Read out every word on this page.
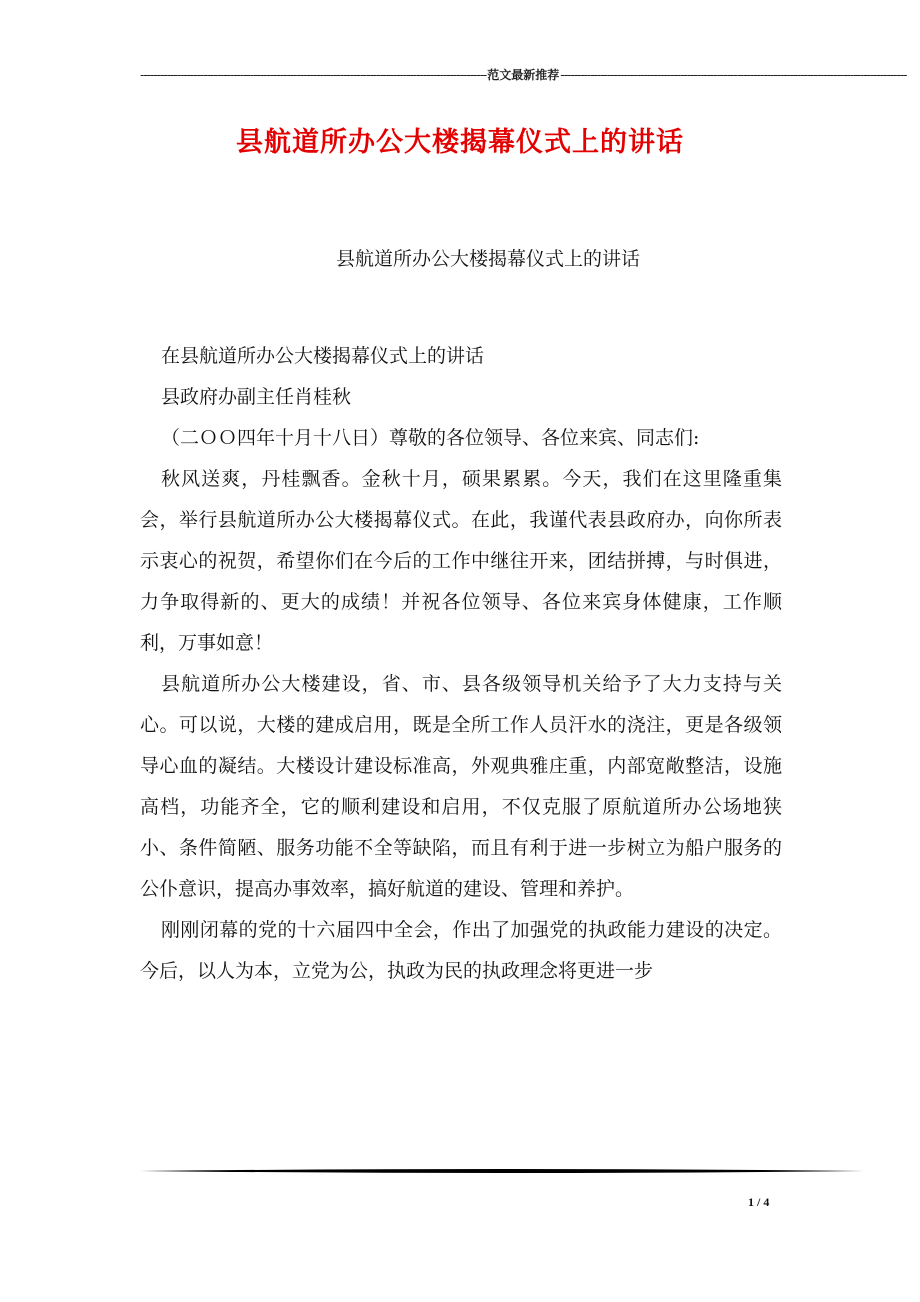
-------------------------------------------------------------------------------------------------------- 范文最新推荐 --------------------------------------------------------------------------------------------------------
县航道所办公大楼揭幕仪式上的讲话
县航道所办公大楼揭幕仪式上的讲话

在县航道所办公大楼揭幕仪式上的讲话

县政府办副主任肖桂秋

（二ＯＯ四年十月十八日）尊敬的各位领导、各位来宾、同志们:

秋风送爽，丹桂飘香。金秋十月，硕果累累。今天，我们在这里隆重集会，举行县航道所办公大楼揭幕仪式。在此，我谨代表县政府办，向你所表示衷心的祝贺，希望你们在今后的工作中继往开来，团结拼搏，与时俱进，力争取得新的、更大的成绩！并祝各位领导、各位来宾身体健康，工作顺利，万事如意！

县航道所办公大楼建设，省、市、县各级领导机关给予了大力支持与关心。可以说，大楼的建成启用，既是全所工作人员汗水的浇注，更是各级领导心血的凝结。大楼设计建设标准高，外观典雅庄重，内部宽敞整洁，设施高档，功能齐全，它的顺利建设和启用，不仅克服了原航道所办公场地狭小、条件简陋、服务功能不全等缺陷，而且有利于进一步树立为船户服务的公仆意识，提高办事效率，搞好航道的建设、管理和养护。

刚刚闭幕的党的十六届四中全会，作出了加强党的执政能力建设的决定。今后，以人为本，立党为公，执政为民的执政理念将更进一步

1 / 4
